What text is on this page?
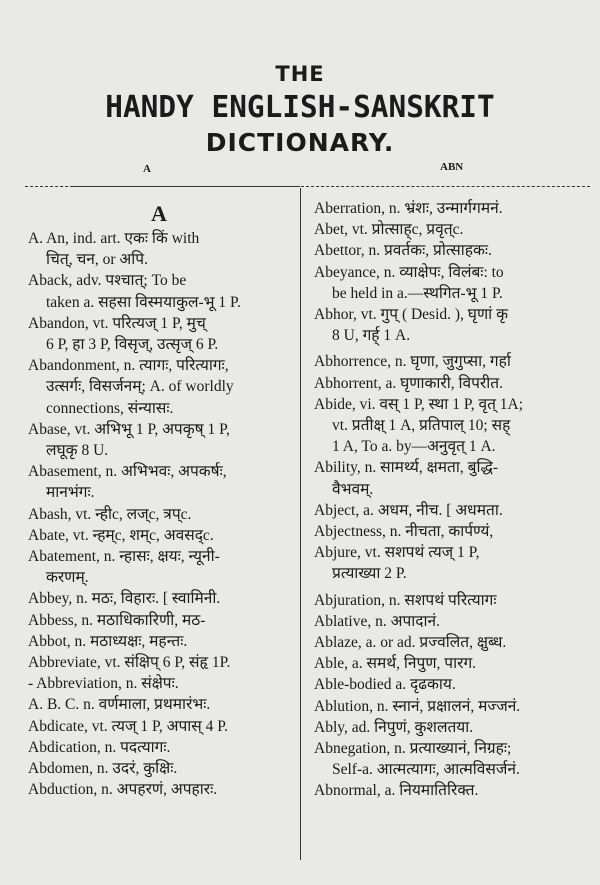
THE
HANDY ENGLISH-SANSKRIT
DICTIONARY.
A	ABN
A
A. An, ind. art. एकः किं with
चित्, चन, or अपि.
Aback, adv. पश्चात्; To be
taken a. सहसा विस्मयाकुल-भू 1 P.
Abandon, vt. परित्यज् 1 P, मुच्
6 P, हा 3 P, विसृज्, उत्सृज् 6 P.
Abandonment, n. त्यागः, परित्यागः,
उत्सर्गः, विसर्जनम्; A. of worldly
connections, संन्यासः.
Abase, vt. अभिभू 1 P, अपकृष् 1 P,
लघूकृ 8 U.
Abasement, n. अभिभवः, अपकर्षः,
मानभंगः.
Abash, vt. न्हीc, लज्c, त्रप्c.
Abate, vt. न्हम्c, शम्c, अवसद्c.
Abatement, n. न्हासः, क्षयः, न्यूनी-
करणम्.
Abbey, n. मठः, विहारः. [ स्वामिनी.
Abbess, n. मठाधिकारिणी, मठ-
Abbot, n. मठाध्यक्षः, महन्तः.
Abbreviate, vt. संक्षिप् 6 P, संहृ 1P.
- Abbreviation, n. संक्षेपः.
A. B. C. n. वर्णमाला, प्रथमारंभः.
Abdicate, vt. त्यज् 1 P, अपास् 4 P.
Abdication, n. पदत्यागः.
Abdomen, n. उदरं, कुक्षिः.
Abduction, n. अपहरणं, अपहारः.
Aberration, n. भ्रंशः, उन्मार्गगमनं.
Abet, vt. प्रोत्साह्c, प्रवृत्c.
Abettor, n. प्रवर्तकः, प्रोत्साहकः.
Abeyance, n. व्याक्षेपः, विलंबः: to
be held in a.—स्थगित-भू 1 P.
Abhor, vt. गुप् ( Desid. ), घृणां कृ
8 U, गर्ह् 1 A.
Abhorrence, n. घृणा, जुगुप्सा, गर्हा
Abhorrent, a. घृणाकारी, विपरीत.
Abide, vi. वस् 1 P, स्था 1 P, वृत् 1A;
vt. प्रतीक्ष् 1 A, प्रतिपाल् 10; सह्
1 A, To a. by—अनुवृत् 1 A.
Ability, n. सामर्थ्य, क्षमता, बुद्धि-
वैभवम्.
Abject, a. अधम, नीच. [ अधमता.
Abjectness, n. नीचता, कार्पण्यं,
Abjure, vt. सशपथं त्यज् 1 P,
प्रत्याख्या 2 P.
Abjuration, n. सशपथं परित्यागः
Ablative, n. अपादानं.
Ablaze, a. or ad. प्रज्वलित, क्षुब्ध.
Able, a. समर्थ, निपुण, पारग.
Able-bodied a. दृढकाय.
Ablution, n. स्नानं, प्रक्षालनं, मज्जनं.
Ably, ad. निपुणं, कुशलतया.
Abnegation, n. प्रत्याख्यानं, निग्रहः;
Self-a. आत्मत्यागः, आत्मविसर्जनं.
Abnormal, a. नियमातिरिक्त.
